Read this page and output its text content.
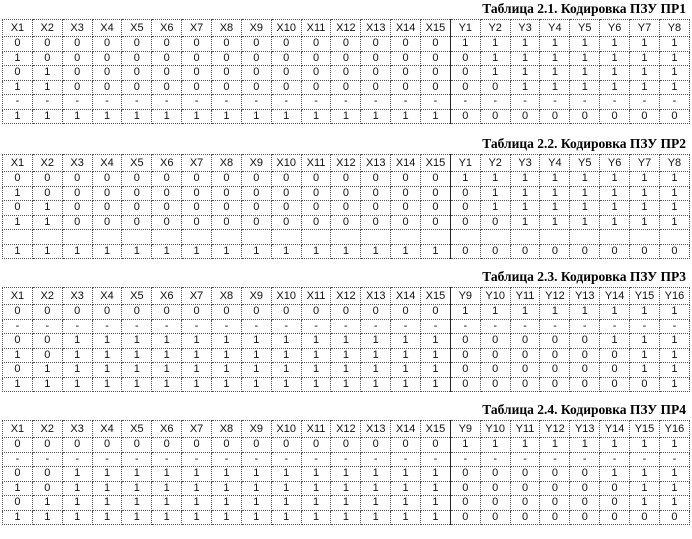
Таблица 2.1. Кодировка ПЗУ ПР1
X1	X2	X3	X4	X5	X6	X7	X8	X9	X10	X11	X12	X13	X14	X15	Y1	Y2	Y3	Y4	Y5	Y6	Y7	Y8
0	0	0	0	0	0	0	0	0	0	0	0	0	0	0	1	1	1	1	1	1	1	1
1	0	0	0	0	0	0	0	0	0	0	0	0	0	0	0	1	1	1	1	1	1	1
0	1	0	0	0	0	0	0	0	0	0	0	0	0	0	0	1	1	1	1	1	1	1
1	1	0	0	0	0	0	0	0	0	0	0	0	0	0	0	0	1	1	1	1	1	1
-	-	-	-	-	-	-	-	-	-	-	-	-	-	-	-	-	-	-	-	-	-	-
1	1	1	1	1	1	1	1	1	1	1	1	1	1	1	0	0	0	0	0	0	0	0
Таблица 2.2. Кодировка ПЗУ ПР2
X1	X2	X3	X4	X5	X6	X7	X8	X9	X10	X11	X12	X13	X14	X15	Y1	Y2	Y3	Y4	Y5	Y6	Y7	Y8
0	0	0	0	0	0	0	0	0	0	0	0	0	0	0	1	1	1	1	1	1	1	1
1	0	0	0	0	0	0	0	0	0	0	0	0	0	0	0	1	1	1	1	1	1	1
0	1	0	0	0	0	0	0	0	0	0	0	0	0	0	0	1	1	1	1	1	1	1
1	1	0	0	0	0	0	0	0	0	0	0	0	0	0	0	0	1	1	1	1	1	1

1	1	1	1	1	1	1	1	1	1	1	1	1	1	1	0	0	0	0	0	0	0	0
Таблица 2.3. Кодировка ПЗУ ПР3
X1	X2	X3	X4	X5	X6	X7	X8	X9	X10	X11	X12	X13	X14	X15	Y9	Y10	Y11	Y12	Y13	Y14	Y15	Y16
0	0	0	0	0	0	0	0	0	0	0	0	0	0	0	1	1	1	1	1	1	1	1
-	-	-	-	-	-	-	-	-	-	-	-	-	-	-	-	-	-	-	-	-	-	-
0	0	1	1	1	1	1	1	1	1	1	1	1	1	1	0	0	0	0	0	1	1	1
1	0	1	1	1	1	1	1	1	1	1	1	1	1	1	0	0	0	0	0	0	1	1
0	1	1	1	1	1	1	1	1	1	1	1	1	1	1	0	0	0	0	0	0	1	1
1	1	1	1	1	1	1	1	1	1	1	1	1	1	1	0	0	0	0	0	0	0	1
Таблица 2.4. Кодировка ПЗУ ПР4
X1	X2	X3	X4	X5	X6	X7	X8	X9	X10	X11	X12	X13	X14	X15	Y9	Y10	Y11	Y12	Y13	Y14	Y15	Y16
0	0	0	0	0	0	0	0	0	0	0	0	0	0	0	1	1	1	1	1	1	1	1
-	-	-	-	-	-	-	-	-	-	-	-	-	-	-	-	-	-	-	-	-	-	-
0	0	1	1	1	1	1	1	1	1	1	1	1	1	1	0	0	0	0	0	1	1	1
1	0	1	1	1	1	1	1	1	1	1	1	1	1	1	0	0	0	0	0	0	1	1
0	1	1	1	1	1	1	1	1	1	1	1	1	1	1	0	0	0	0	0	0	1	1
1	1	1	1	1	1	1	1	1	1	1	1	1	1	1	0	0	0	0	0	0	0	0
